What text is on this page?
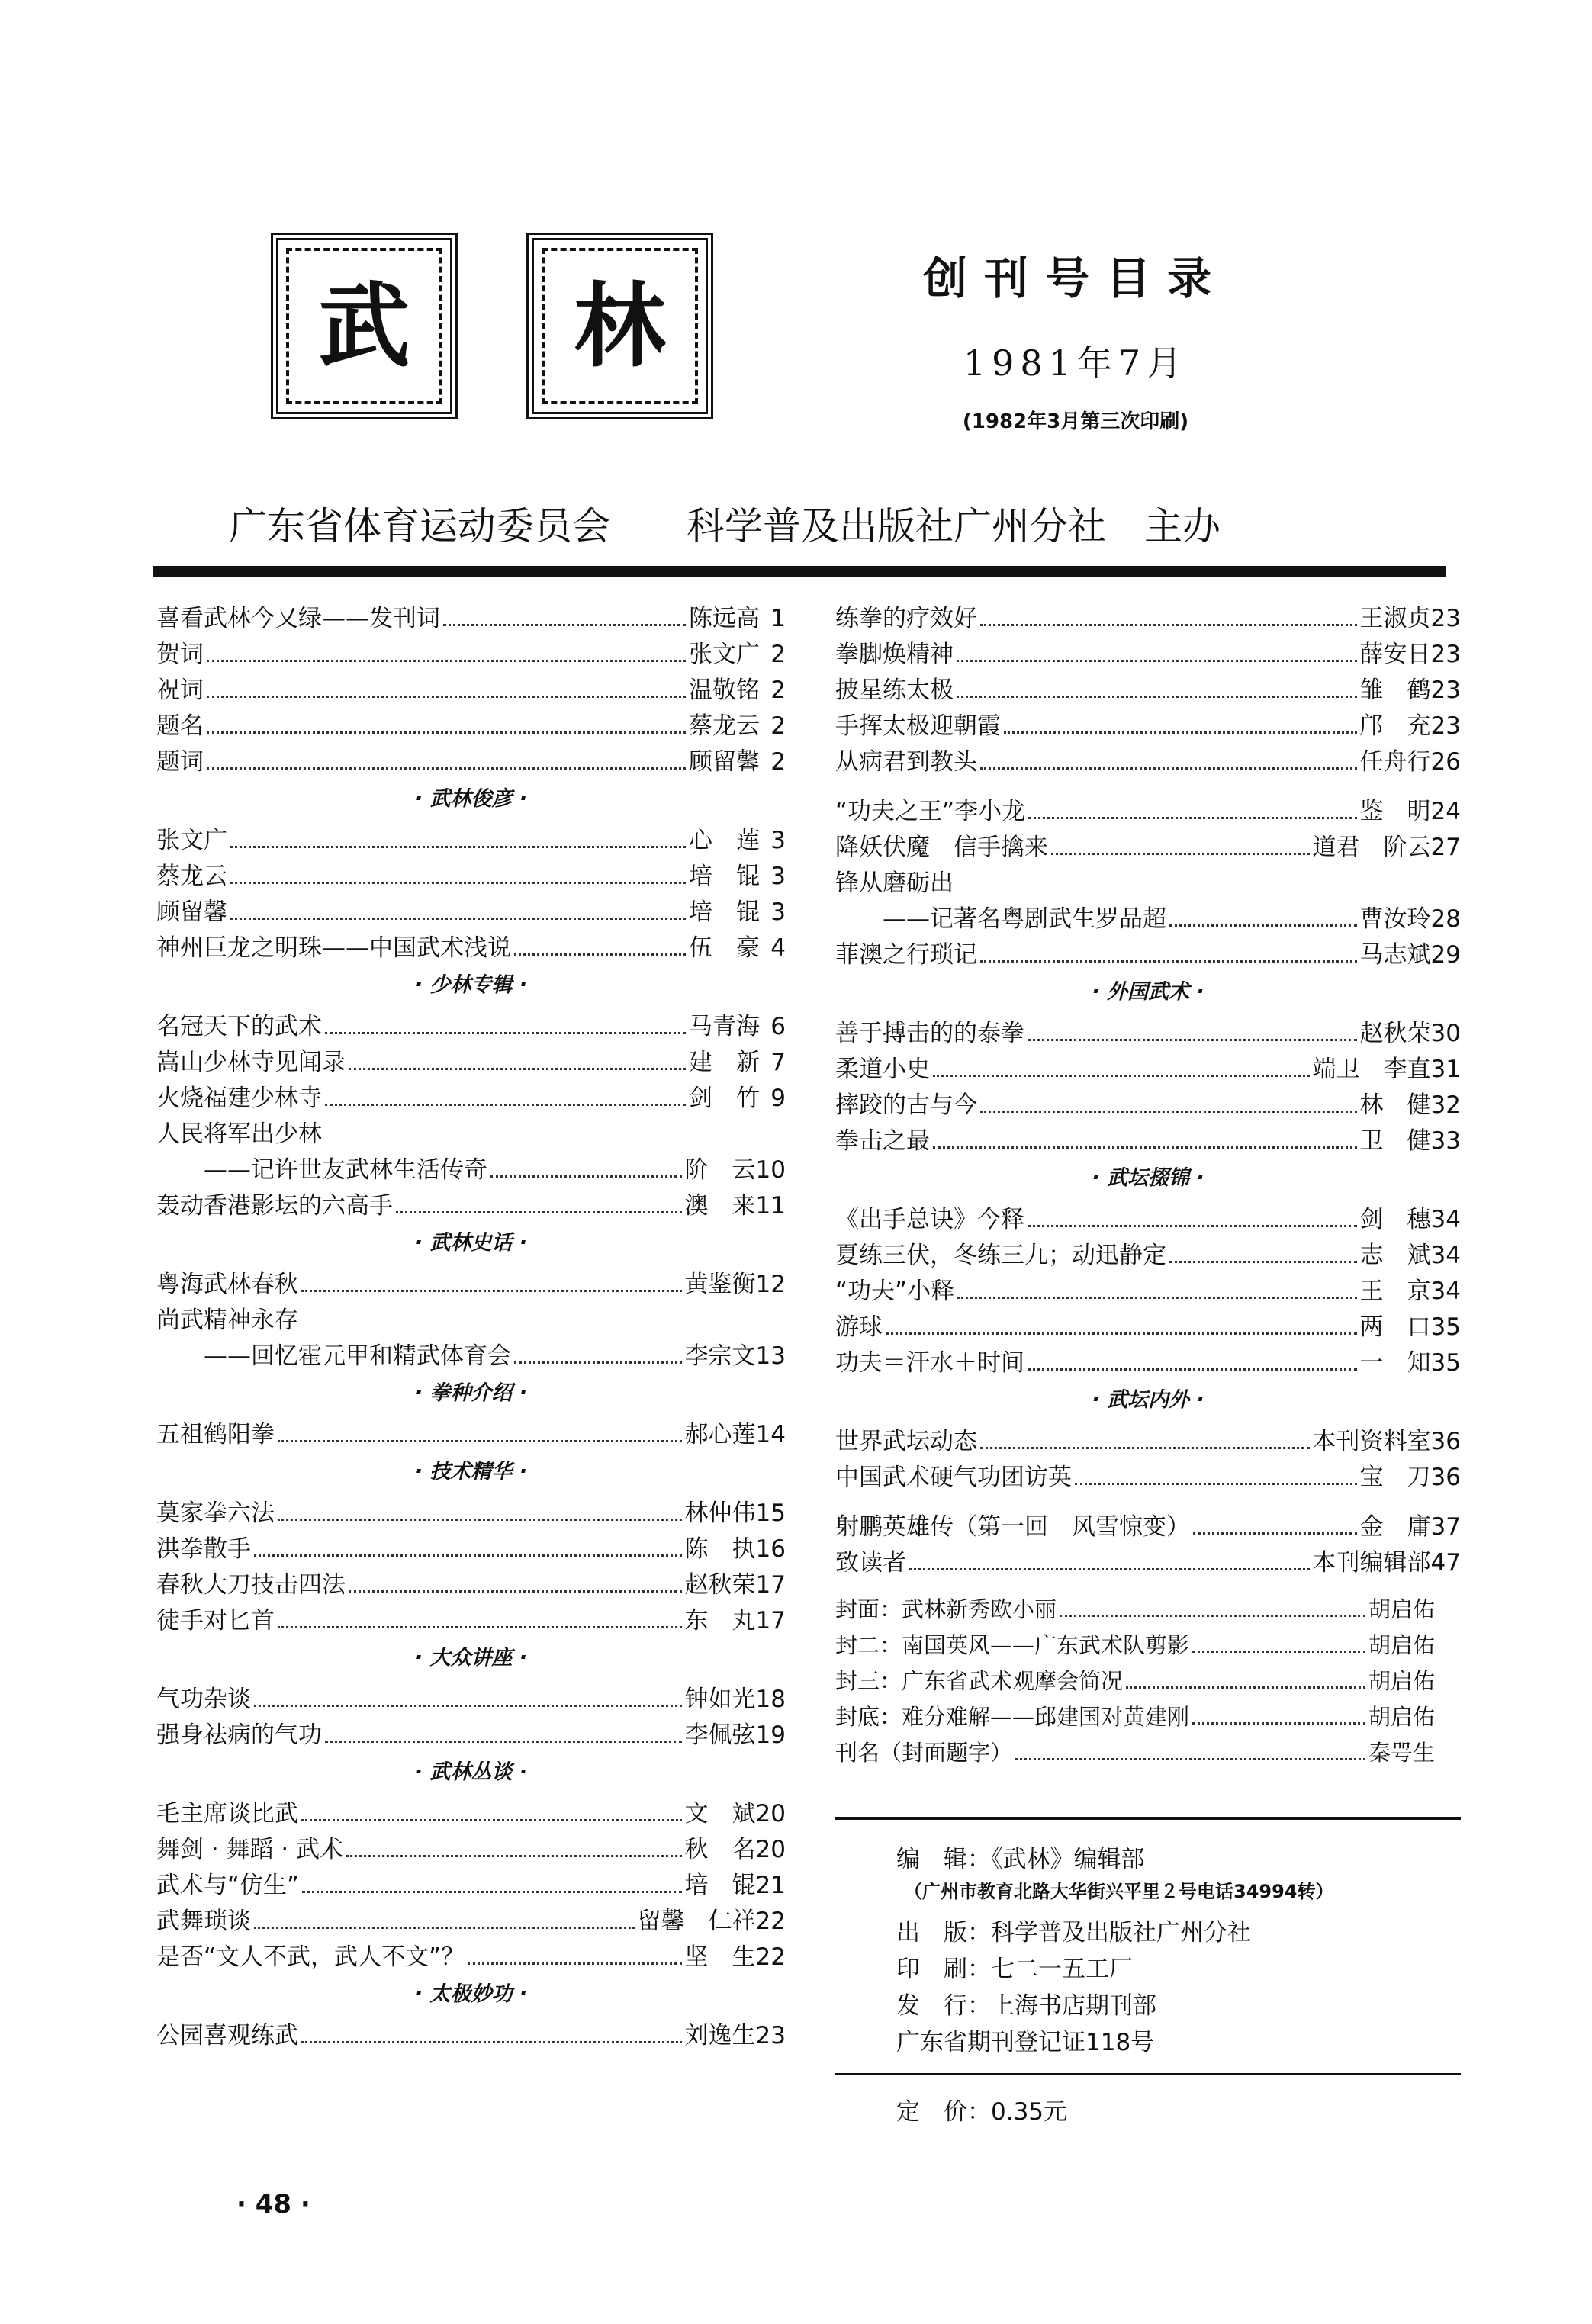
武 林	创刊号目录
1981年7月
(1982年3月第三次印刷)
广东省体育运动委员会　　科学普及出版社广州分社　主办
喜看武林今又绿——发刊词	陈远高 1
贺词	张文广 2
祝词	温敬铭 2
题名	蔡龙云 2
题词	顾留馨 2
· 武林俊彦 ·
张文广	心　莲 3
蔡龙云	培　锟 3
顾留馨	培　锟 3
神州巨龙之明珠——中国武术浅说	伍　豪 4
· 少林专辑 ·
名冠天下的武术	马青海 6
嵩山少林寺见闻录	建　新 7
火烧福建少林寺	剑　竹 9
人民将军出少林
　　——记许世友武林生活传奇	阶　云 10
轰动香港影坛的六高手	澳　来 11
· 武林史话 ·
粤海武林春秋	黄鉴衡 12
尚武精神永存
　　——回忆霍元甲和精武体育会	李宗文 13
· 拳种介绍 ·
五祖鹤阳拳	郝心莲 14
· 技术精华 ·
莫家拳六法	林仲伟 15
洪拳散手	陈　执 16
春秋大刀技击四法	赵秋荣 17
徒手对匕首	东　丸 17
· 大众讲座 ·
气功杂谈	钟如光 18
强身祛病的气功	李佩弦 19
· 武林丛谈 ·
毛主席谈比武	文　斌 20
舞剑 · 舞蹈 · 武术	秋　名 20
武术与“仿生”	培　锟 21
武舞琐谈	留馨　仁祥 22
是否“文人不武，武人不文”？	坚　生 22
· 太极妙功 ·
公园喜观练武	刘逸生 23
练拳的疗效好	王淑贞 23
拳脚焕精神	薛安日 23
披星练太极	雏　鹤 23
手挥太极迎朝霞	邝　充 23
从病君到教头	任舟行 26
“功夫之王”李小龙	鉴　明 24
降妖伏魔　信手擒来	道君　阶云 27
锋从磨砺出
　　——记著名粤剧武生罗品超	曹汝玲 28
菲澳之行琐记	马志斌 29
· 外国武术 ·
善于搏击的的泰拳	赵秋荣 30
柔道小史	端卫　李直 31
摔跤的古与今	林　健 32
拳击之最	卫　健 33
· 武坛掇锦 ·
《出手总诀》今释	剑　穗 34
夏练三伏，冬练三九；动迅静定	志　斌 34
“功夫”小释	王　京 34
游球	两　口 35
功夫＝汗水＋时间	一　知 35
· 武坛内外 ·
世界武坛动态	本刊资料室 36
中国武术硬气功团访英	宝　刀 36
射鹏英雄传（第一回　风雪惊变）	金　庸 37
致读者	本刊编辑部 47
封面：武林新秀欧小丽	胡启佑
封二：南国英风——广东武术队剪影	胡启佑
封三：广东省武术观摩会简况	胡启佑
封底：难分难解——邱建国对黄建刚	胡启佑
刊名（封面题字）	秦咢生
编　辑：《武林》编辑部
（广州市教育北路大华街兴平里２号电话34994转）
出　版：科学普及出版社广州分社
印　刷：七二一五工厂
发　行：上海书店期刊部
广东省期刊登记证118号
定　价：0.35元
· 48 ·
